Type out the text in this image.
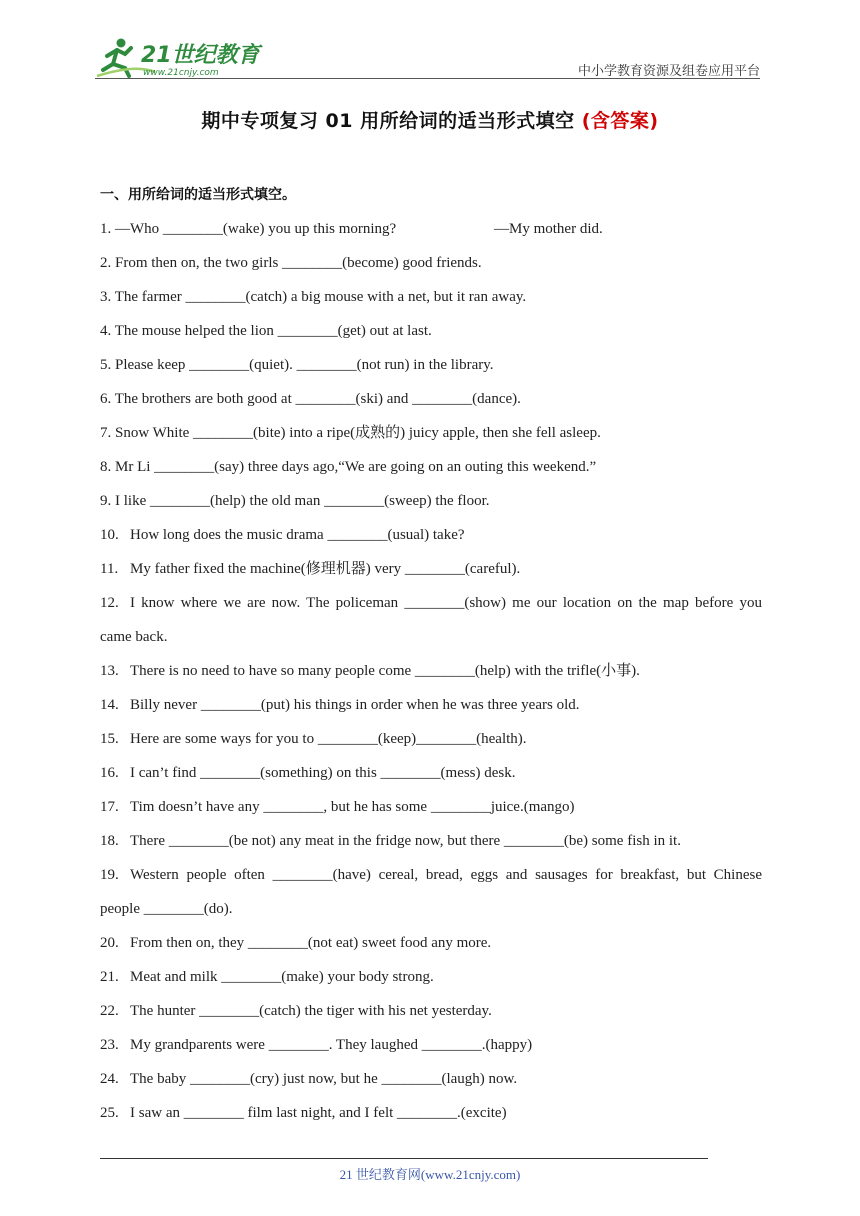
21世纪教育
www.21cnjy.com	中小学教育资源及组卷应用平台
期中专项复习 01 用所给词的适当形式填空 (含答案)
一、用所给词的适当形式填空。
1. —Who ________(wake) you up this morning?	—My mother did.
2. From then on, the two girls ________(become) good friends.
3. The farmer ________(catch) a big mouse with a net, but it ran away.
4. The mouse helped the lion ________(get) out at last.
5. Please keep ________(quiet). ________(not run) in the library.
6. The brothers are both good at ________(ski) and ________(dance).
7. Snow White ________(bite) into a ripe(成熟的) juicy apple, then she fell asleep.
8. Mr Li ________(say) three days ago,“We are going on an outing this weekend.”
9. I like ________(help) the old man ________(sweep) the floor.
10. How long does the music drama ________(usual) take?
11. My father fixed the machine(修理机器) very ________(careful).
12. I know where we are now. The policeman ________(show) me our location on the map before you
came back.
13. There is no need to have so many people come ________(help) with the trifle(小事).
14. Billy never ________(put) his things in order when he was three years old.
15. Here are some ways for you to ________(keep)________(health).
16. I can’t find ________(something) on this ________(mess) desk.
17. Tim doesn’t have any ________, but he has some ________juice.(mango)
18. There ________(be not) any meat in the fridge now, but there ________(be) some fish in it.
19. Western people often ________(have) cereal, bread, eggs and sausages for breakfast, but Chinese
people ________(do).
20. From then on, they ________(not eat) sweet food any more.
21. Meat and milk ________(make) your body strong.
22. The hunter ________(catch) the tiger with his net yesterday.
23. My grandparents were ________. They laughed ________.(happy)
24. The baby ________(cry) just now, but he ________(laugh) now.
25. I saw an ________ film last night, and I felt ________.(excite)
21 世纪教育网(www.21cnjy.com)
